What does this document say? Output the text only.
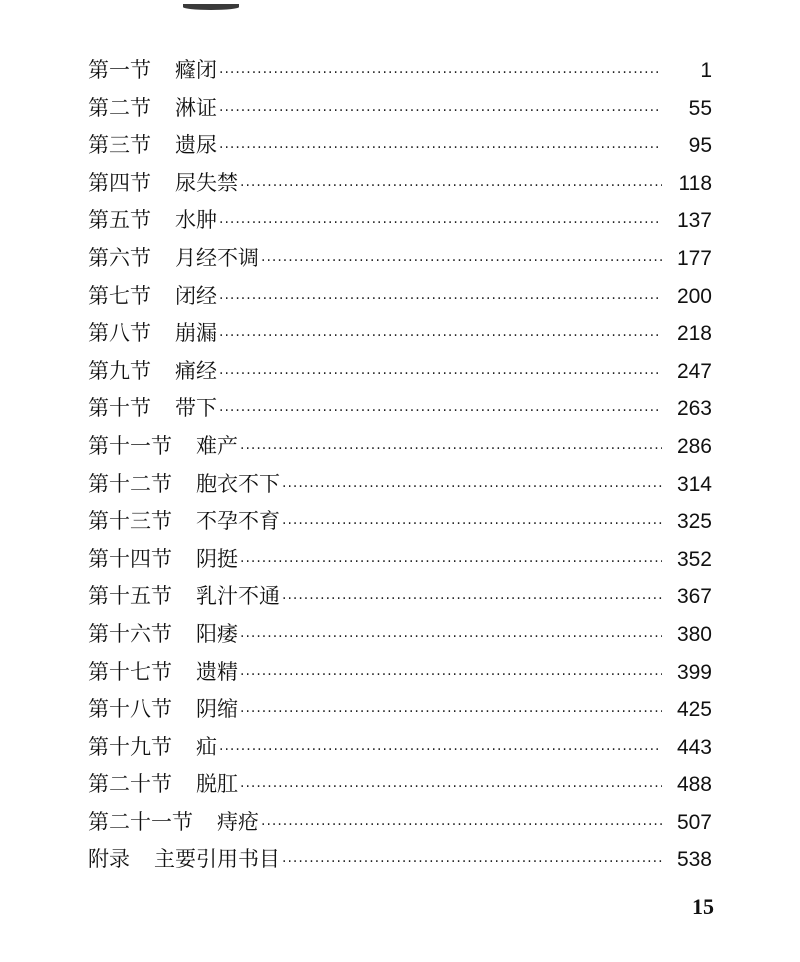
第一节 癃闭 ·····	1
第二节 淋证 ·····	55
第三节 遗尿 ·····	95
第四节 尿失禁 ·····	118
第五节 水肿 ·····	137
第六节 月经不调 ·····	177
第七节 闭经 ·····	200
第八节 崩漏 ·····	218
第九节 痛经 ·····	247
第十节 带下 ·····	263
第十一节 难产 ·····	286
第十二节 胞衣不下 ·····	314
第十三节 不孕不育 ·····	325
第十四节 阴挺 ·····	352
第十五节 乳汁不通 ·····	367
第十六节 阳痿 ·····	380
第十七节 遗精 ·····	399
第十八节 阴缩 ·····	425
第十九节 疝 ·····	443
第二十节 脱肛 ·····	488
第二十一节 痔疮 ·····	507
附录 主要引用书目 ·····	538
15
